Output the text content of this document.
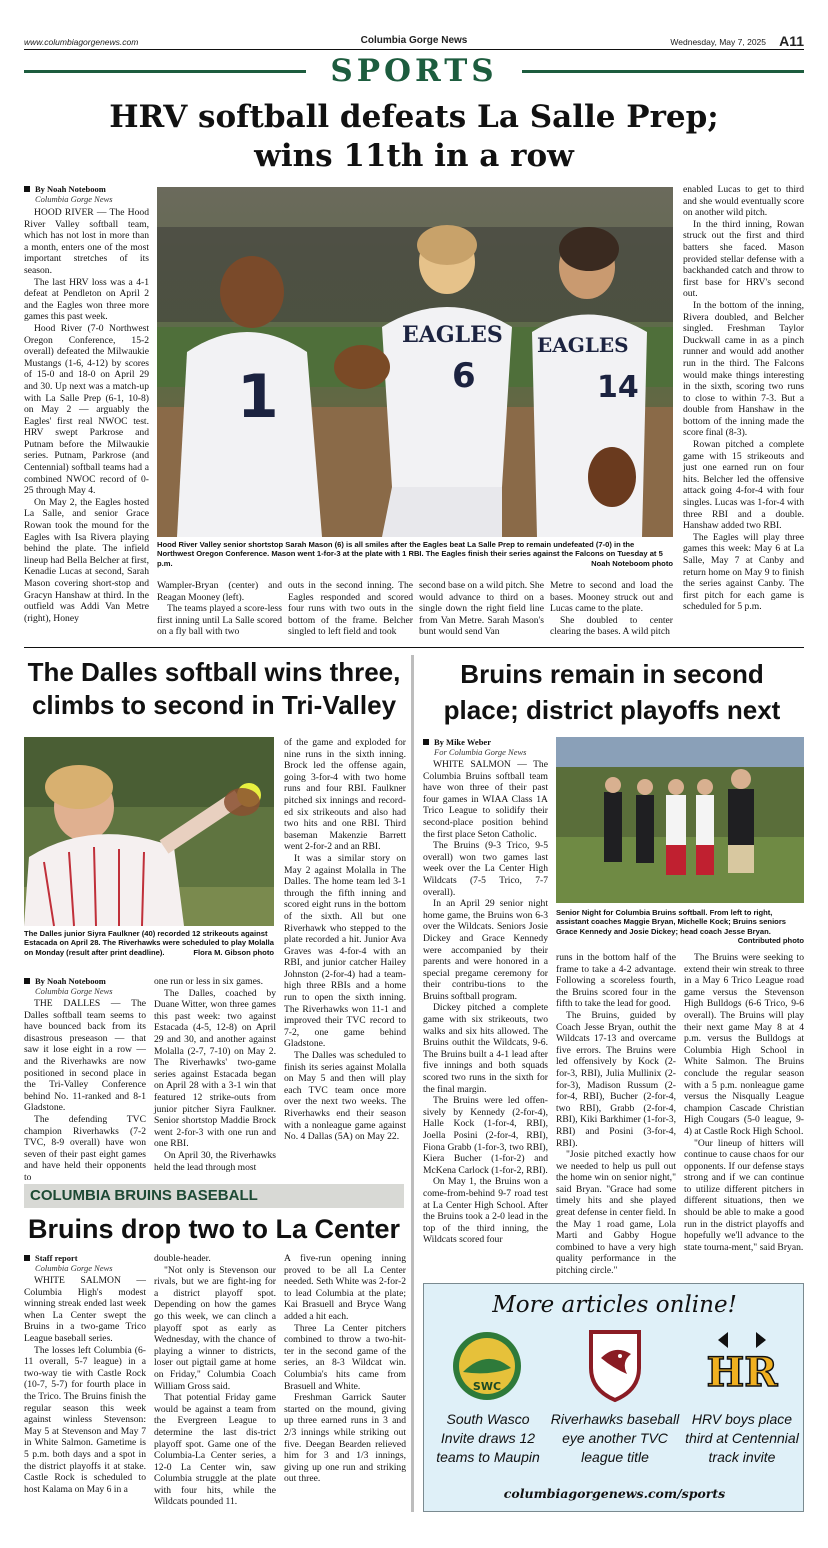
www.columbiagorgenews.com	Columbia Gorge News	Wednesday, May 7, 2025 A11
SPORTS
HRV softball defeats La Salle Prep;
wins 11th in a row
By Noah Noteboom
Columbia Gorge News

HOOD RIVER — The Hood River Valley softball team, which has not lost in more than a month, enters one of the most important stretches of its season.

The last HRV loss was a 4-1 defeat at Pendleton on April 2 and the Eagles won three more games this past week.

Hood River (7-0 Northwest Oregon Conference, 15-2 overall) defeated the Milwaukie Mustangs (1-6, 4-12) by scores of 15-0 and 18-0 on April 29 and 30. Up next was a match-up with La Salle Prep (6-1, 10-8) on May 2 — arguably the Eagles' first real NWOC test. HRV swept Parkrose and Putnam before the Milwaukie series. Putnam, Parkrose (and Centennial) softball teams had a combined NWOC record of 0-25 through May 4.

On May 2, the Eagles hosted La Salle, and senior Grace Rowan took the mound for the Eagles with Isa Rivera playing behind the plate. The infield lineup had Bella Belcher at first, Kenadie Lucas at second, Sarah Mason covering short-stop and Gracyn Hanshaw at third. In the outfield was Addi Van Metre (right), Honey

1
EAGLES
6
EAGLES
14
Hood River Valley senior shortstop Sarah Mason (6) is all smiles after the Eagles beat La Salle Prep to remain undefeated (7-0) in the Northwest Oregon Conference. Mason went 1-for-3 at the plate with 1 RBI. The Eagles finish their series against the Falcons on Tuesday at 5 p.m.	Noah Noteboom photo

Wampler-Bryan (center) and Reagan Mooney (left).

The teams played a score-less first inning until La Salle scored on a fly ball with two

outs in the second inning. The Eagles responded and scored four runs with two outs in the bottom of the frame. Belcher singled to left field and took

second base on a wild pitch. She would advance to third on a single down the right field line from Van Metre. Sarah Mason's bunt would send Van

Metre to second and load the bases. Mooney struck out and Lucas came to the plate.

She doubled to center clearing the bases. A wild pitch

enabled Lucas to get to third and she would eventually score on another wild pitch.

In the third inning, Rowan struck out the first and third batters she faced. Mason provided stellar defense with a backhanded catch and throw to first base for HRV's second out.

In the bottom of the inning, Rivera doubled, and Belcher singled. Freshman Taylor Duckwall came in as a pinch runner and would add another run in the third. The Falcons would make things interesting in the sixth, scoring two runs to close to within 7-3. But a double from Hanshaw in the bottom of the inning made the score final (8-3).

Rowan pitched a complete game with 15 strikeouts and just one earned run on four hits. Belcher led the offensive attack going 4-for-4 with four singles. Lucas was 1-for-4 with three RBI and a double. Hanshaw added two RBI.

The Eagles will play three games this week: May 6 at La Salle, May 7 at Canby and return home on May 9 to finish the series against Canby. The first pitch for each game is scheduled for 5 p.m.

The Dalles softball wins three,
climbs to second in Tri-Valley
The Dalles junior Siyra Faulkner (40) recorded 12 strikeouts against Estacada on April 28. The Riverhawks were scheduled to play Molalla on Monday (result after print deadline).	Flora M. Gibson photo
By Noah Noteboom
Columbia Gorge News

THE DALLES — The Dalles softball team seems to have bounced back from its disastrous preseason — that saw it lose eight in a row — and the Riverhawks are now positioned in second place in the Tri-Valley Conference behind No. 11-ranked and 8-1 Gladstone.

The defending TVC champion Riverhawks (7-2 TVC, 8-9 overall) have won seven of their past eight games and have held their opponents to

one run or less in six games.

The Dalles, coached by Duane Witter, won three games this past week: two against Estacada (4-5, 12-8) on April 29 and 30, and another against Molalla (2-7, 7-10) on May 2. The Riverhawks' two-game series against Estacada began on April 28 with a 3-1 win that featured 12 strike-outs from junior pitcher Siyra Faulkner. Senior shortstop Maddie Brock went 2-for-3 with one run and one RBI.

On April 30, the Riverhawks held the lead through most

of the game and exploded for nine runs in the sixth inning. Brock led the offense again, going 3-for-4 with two home runs and four RBI. Faulkner pitched six innings and record-ed six strikeouts and also had two hits and one RBI. Third baseman Makenzie Barrett went 2-for-2 and an RBI.

It was a similar story on May 2 against Molalla in The Dalles. The home team led 3-1 through the fifth inning and scored eight runs in the bottom of the sixth. All but one Riverhawk who stepped to the plate recorded a hit. Junior Ava Graves was 4-for-4 with an RBI, and junior catcher Hailey Johnston (2-for-4) had a team-high three RBIs and a home run to open the sixth inning. The Riverhawks won 11-1 and improved their TVC record to 7-2, one game behind Gladstone.

The Dalles was scheduled to finish its series against Molalla on May 5 and then will play each TVC team once more over the next two weeks. The Riverhawks end their season with a nonleague game against No. 4 Dallas (5A) on May 22.

COLUMBIA BRUINS BASEBALL
Bruins drop two to La Center
Staff report
Columbia Gorge News

WHITE SALMON — Columbia High's modest winning streak ended last week when La Center swept the Bruins in a two-game Trico League baseball series.

The losses left Columbia (6-11 overall, 5-7 league) in a two-way tie with Castle Rock (10-7, 5-7) for fourth place in the Trico. The Bruins finish the regular season this week against winless Stevenson: May 5 at Stevenson and May 7 in White Salmon. Gametime is 5 p.m. both days and a spot in the district playoffs it at stake. Castle Rock is scheduled to host Kalama on May 6 in a

double-header.

"Not only is Stevenson our rivals, but we are fight-ing for a district playoff spot. Depending on how the games go this week, we can clinch a playoff spot as early as Wednesday, with the chance of playing a winner to districts, loser out pigtail game at home on Friday," Columbia Coach William Gross said.

That potential Friday game would be against a team from the Evergreen League to determine the last dis-trict playoff spot. Game one of the Columbia-La Center series, a 12-0 La Center win, saw Columbia struggle at the plate with four hits, while the Wildcats pounded 11.

A five-run opening inning proved to be all La Center needed. Seth White was 2-for-2 to lead Columbia at the plate; Kai Brasuell and Bryce Wang added a hit each.

Three La Center pitchers combined to throw a two-hit-ter in the second game of the series, an 8-3 Wildcat win. Columbia's hits came from Brasuell and White.

Freshman Garrick Sauter started on the mound, giving up three earned runs in 3 and 2/3 innings while striking out five. Deegan Bearden relieved him for 3 and 1/3 innings, giving up one run and striking out three.

Bruins remain in second
place; district playoffs next
By Mike Weber
For Columbia Gorge News

WHITE SALMON — The Columbia Bruins softball team have won three of their past four games in WIAA Class 1A Trico League to solidify their second-place position behind the first place Seton Catholic.

The Bruins (9-3 Trico, 9-5 overall) won two games last week over the La Center High Wildcats (7-5 Trico, 7-7 overall).

In an April 29 senior night home game, the Bruins won 6-3 over the Wildcats. Seniors Josie Dickey and Grace Kennedy were accompanied by their parents and were honored in a special pregame ceremony for their contribu-tions to the Bruins softball program.

Dickey pitched a complete game with six strikeouts, two walks and six hits allowed. The Bruins outhit the Wildcats, 9-6. The Bruins built a 4-1 lead after five innings and both squads scored two runs in the sixth for the final margin.

The Bruins were led offen-sively by Kennedy (2-for-4), Halle Kock (1-for-4, RBI), Joella Posini (2-for-4, RBI), Fiona Grabb (1-for-3, two RBI), Kiera Bucher (1-for-2) and McKena Carlock (1-for-2, RBI).

On May 1, the Bruins won a come-from-behind 9-7 road test at La Center High School. After the Bruins took a 2-0 lead in the top of the third inning, the Wildcats scored four

Senior Night for Columbia Bruins softball. From left to right, assistant coaches Maggie Bryan, Michelle Kock; Bruins seniors Grace Kennedy and Josie Dickey; head coach Jesse Bryan.
Contributed photo

runs in the bottom half of the frame to take a 4-2 advantage. Following a scoreless fourth, the Bruins scored four in the fifth to take the lead for good.

The Bruins, guided by Coach Jesse Bryan, outhit the Wildcats 17-13 and overcame five errors. The Bruins were led offensively by Kock (2-for-3, RBI), Julia Mullinix (2-for-3), Madison Russum (2-for-4, RBI), Bucher (2-for-4, two RBI), Grabb (2-for-4, RBI), Kiki Barkhimer (1-for-3, RBI) and Posini (3-for-4, RBI).

"Josie pitched exactly how we needed to help us pull out the home win on senior night," said Bryan. "Grace had some timely hits and she played great defense in center field. In the May 1 road game, Lola Marti and Gabby Hogue combined to have a very high quality performance in the pitching circle."

The Bruins were seeking to extend their win streak to three in a May 6 Trico League road game versus the Stevenson High Bulldogs (6-6 Trico, 9-6 overall). The Bruins will play their next game May 8 at 4 p.m. versus the Bulldogs at Columbia High School in White Salmon. The Bruins conclude the regular season with a 5 p.m. nonleague game versus the Nisqually League champion Cascade Christian High Cougars (5-0 league, 9-4) at Castle Rock High School.

"Our lineup of hitters will continue to cause chaos for our opponents. If our defense stays strong and if we can continue to utilize different pitchers in different situations, then we should be able to make a good run in the district playoffs and hopefully we'll advance to the state tourna-ment," said Bryan.

More articles online!
SWC	HR
South Wasco
Invite draws 12
teams to Maupin
Riverhawks baseball
eye another TVC
league title
HRV boys place
third at Centennial
track invite
columbiagorgenews.com/sports
